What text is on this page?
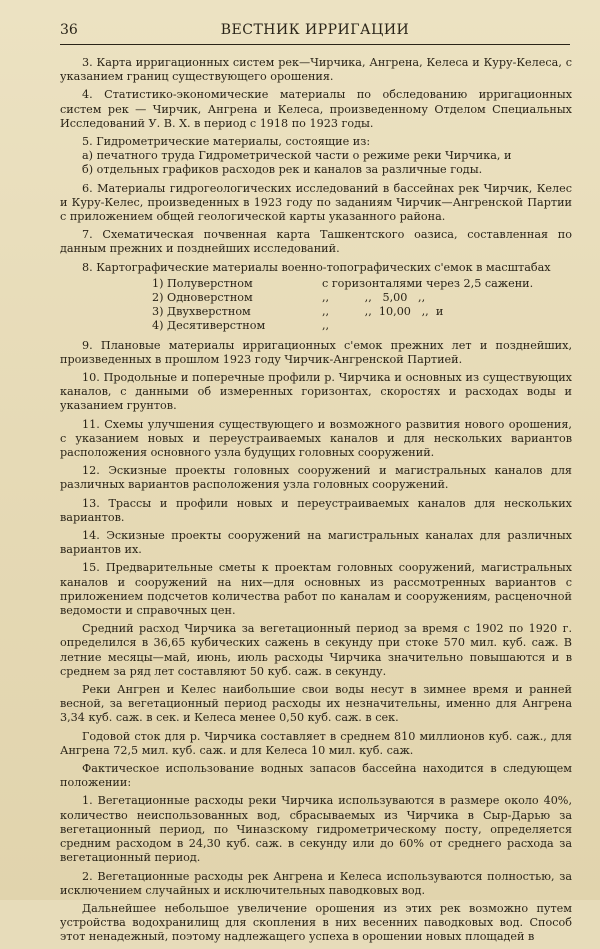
36	ВЕСТНИК ИРРИГАЦИИ

3. Карта ирригационных систем рек—Чирчика, Ангрена, Келеса и Куру-Келеса, с указанием границ существующего орошения.

4. Статистико-экономические материалы по обследованию ирригационных систем рек — Чирчик, Ангрена и Келеса, произведенному Отделом Специальных Исследований У. В. Х. в период с 1918 по 1923 годы.

5. Гидрометрические материалы, состоящие из:

а) печатного труда Гидрометрической части о режиме реки Чирчика, и

б) отдельных графиков расходов рек и каналов за различные годы.

6. Материалы гидрогеологических исследований в бассейнах рек Чирчик, Келес и Куру-Келес, произведенных в 1923 году по заданиям Чирчик—Ангренской Партии с приложением общей геологической карты указанного района.

7. Схематическая почвенная карта Ташкентского оазиса, составленная по данным прежних и позднейших исследований.

8. Картографические материалы военно-топографических с'емок в масштабах

1) Полуверстном	с горизонталями через 2,5 сажени.
2) Одноверстном	,,          ,,   5,00   ,,
3) Двухверстном	,,          ,,  10,00   ,,  и
4) Десятиверстном	,,

9. Плановые материалы ирригационных с'емок прежних лет и позднейших, произведенных в прошлом 1923 году Чирчик-Ангренской Партией.

10. Продольные и поперечные профили р. Чирчика и основных из существующих каналов, с данными об измеренных горизонтах, скоростях и расходах воды и указанием грунтов.

11. Схемы улучшения существующего и возможного развития нового орошения, с указанием новых и переустраиваемых каналов и для нескольких вариантов расположения основного узла будущих головных сооружений.

12. Эскизные проекты головных сооружений и магистральных каналов для различных вариантов расположения узла головных сооружений.

13. Трассы и профили новых и переустраиваемых каналов для нескольких вариантов.

14. Эскизные проекты сооружений на магистральных каналах для различных вариантов их.

15. Предварительные сметы к проектам головных сооружений, магистральных каналов и сооружений на них—для основных из рассмотренных вариантов с приложением подсчетов количества работ по каналам и сооружениям, расценочной ведомости и справочных цен.

Средний расход Чирчика за вегетационный период за время с 1902 по 1920 г. определился в 36,65 кубических сажень в секунду при стоке 570 мил. куб. саж. В летние месяцы—май, июнь, июль расходы Чирчика значительно повышаются и в среднем за ряд лет составляют 50 куб. саж. в секунду.

Реки Ангрен и Келес наибольшие свои воды несут в зимнее время и ранней весной, за вегетационный период расходы их незначительны, именно для Ангрена 3,34 куб. саж. в сек. и Келеса менее 0,50 куб. саж. в сек.

Годовой сток для р. Чирчика составляет в среднем 810 миллионов куб. саж., для Ангрена 72,5 мил. куб. саж. и для Келеса 10 мил. куб. саж.

Фактическое использование водных запасов бассейна находится в следующем положении:

1. Вегетационные расходы реки Чирчика используваются в размере около 40%, количество неиспользованных вод, сбрасываемых из Чирчика в Сыр-Дарью за вегетационный период, по Чиназскому гидрометрическому посту, определяется средним расходом в 24,30 куб. саж. в секунду или до 60% от среднего расхода за вегетационный период.

2. Вегетационные расходы рек Ангрена и Келеса используваются полностью, за исключением случайных и исключительных паводковых вод.

Дальнейшее небольшое увеличение орошения из этих рек возможно путем устройства водохранилищ для скопления в них весенних паводковых вод. Способ этот ненадежный, поэтому надлежащего успеха в орошении новых площадей в
